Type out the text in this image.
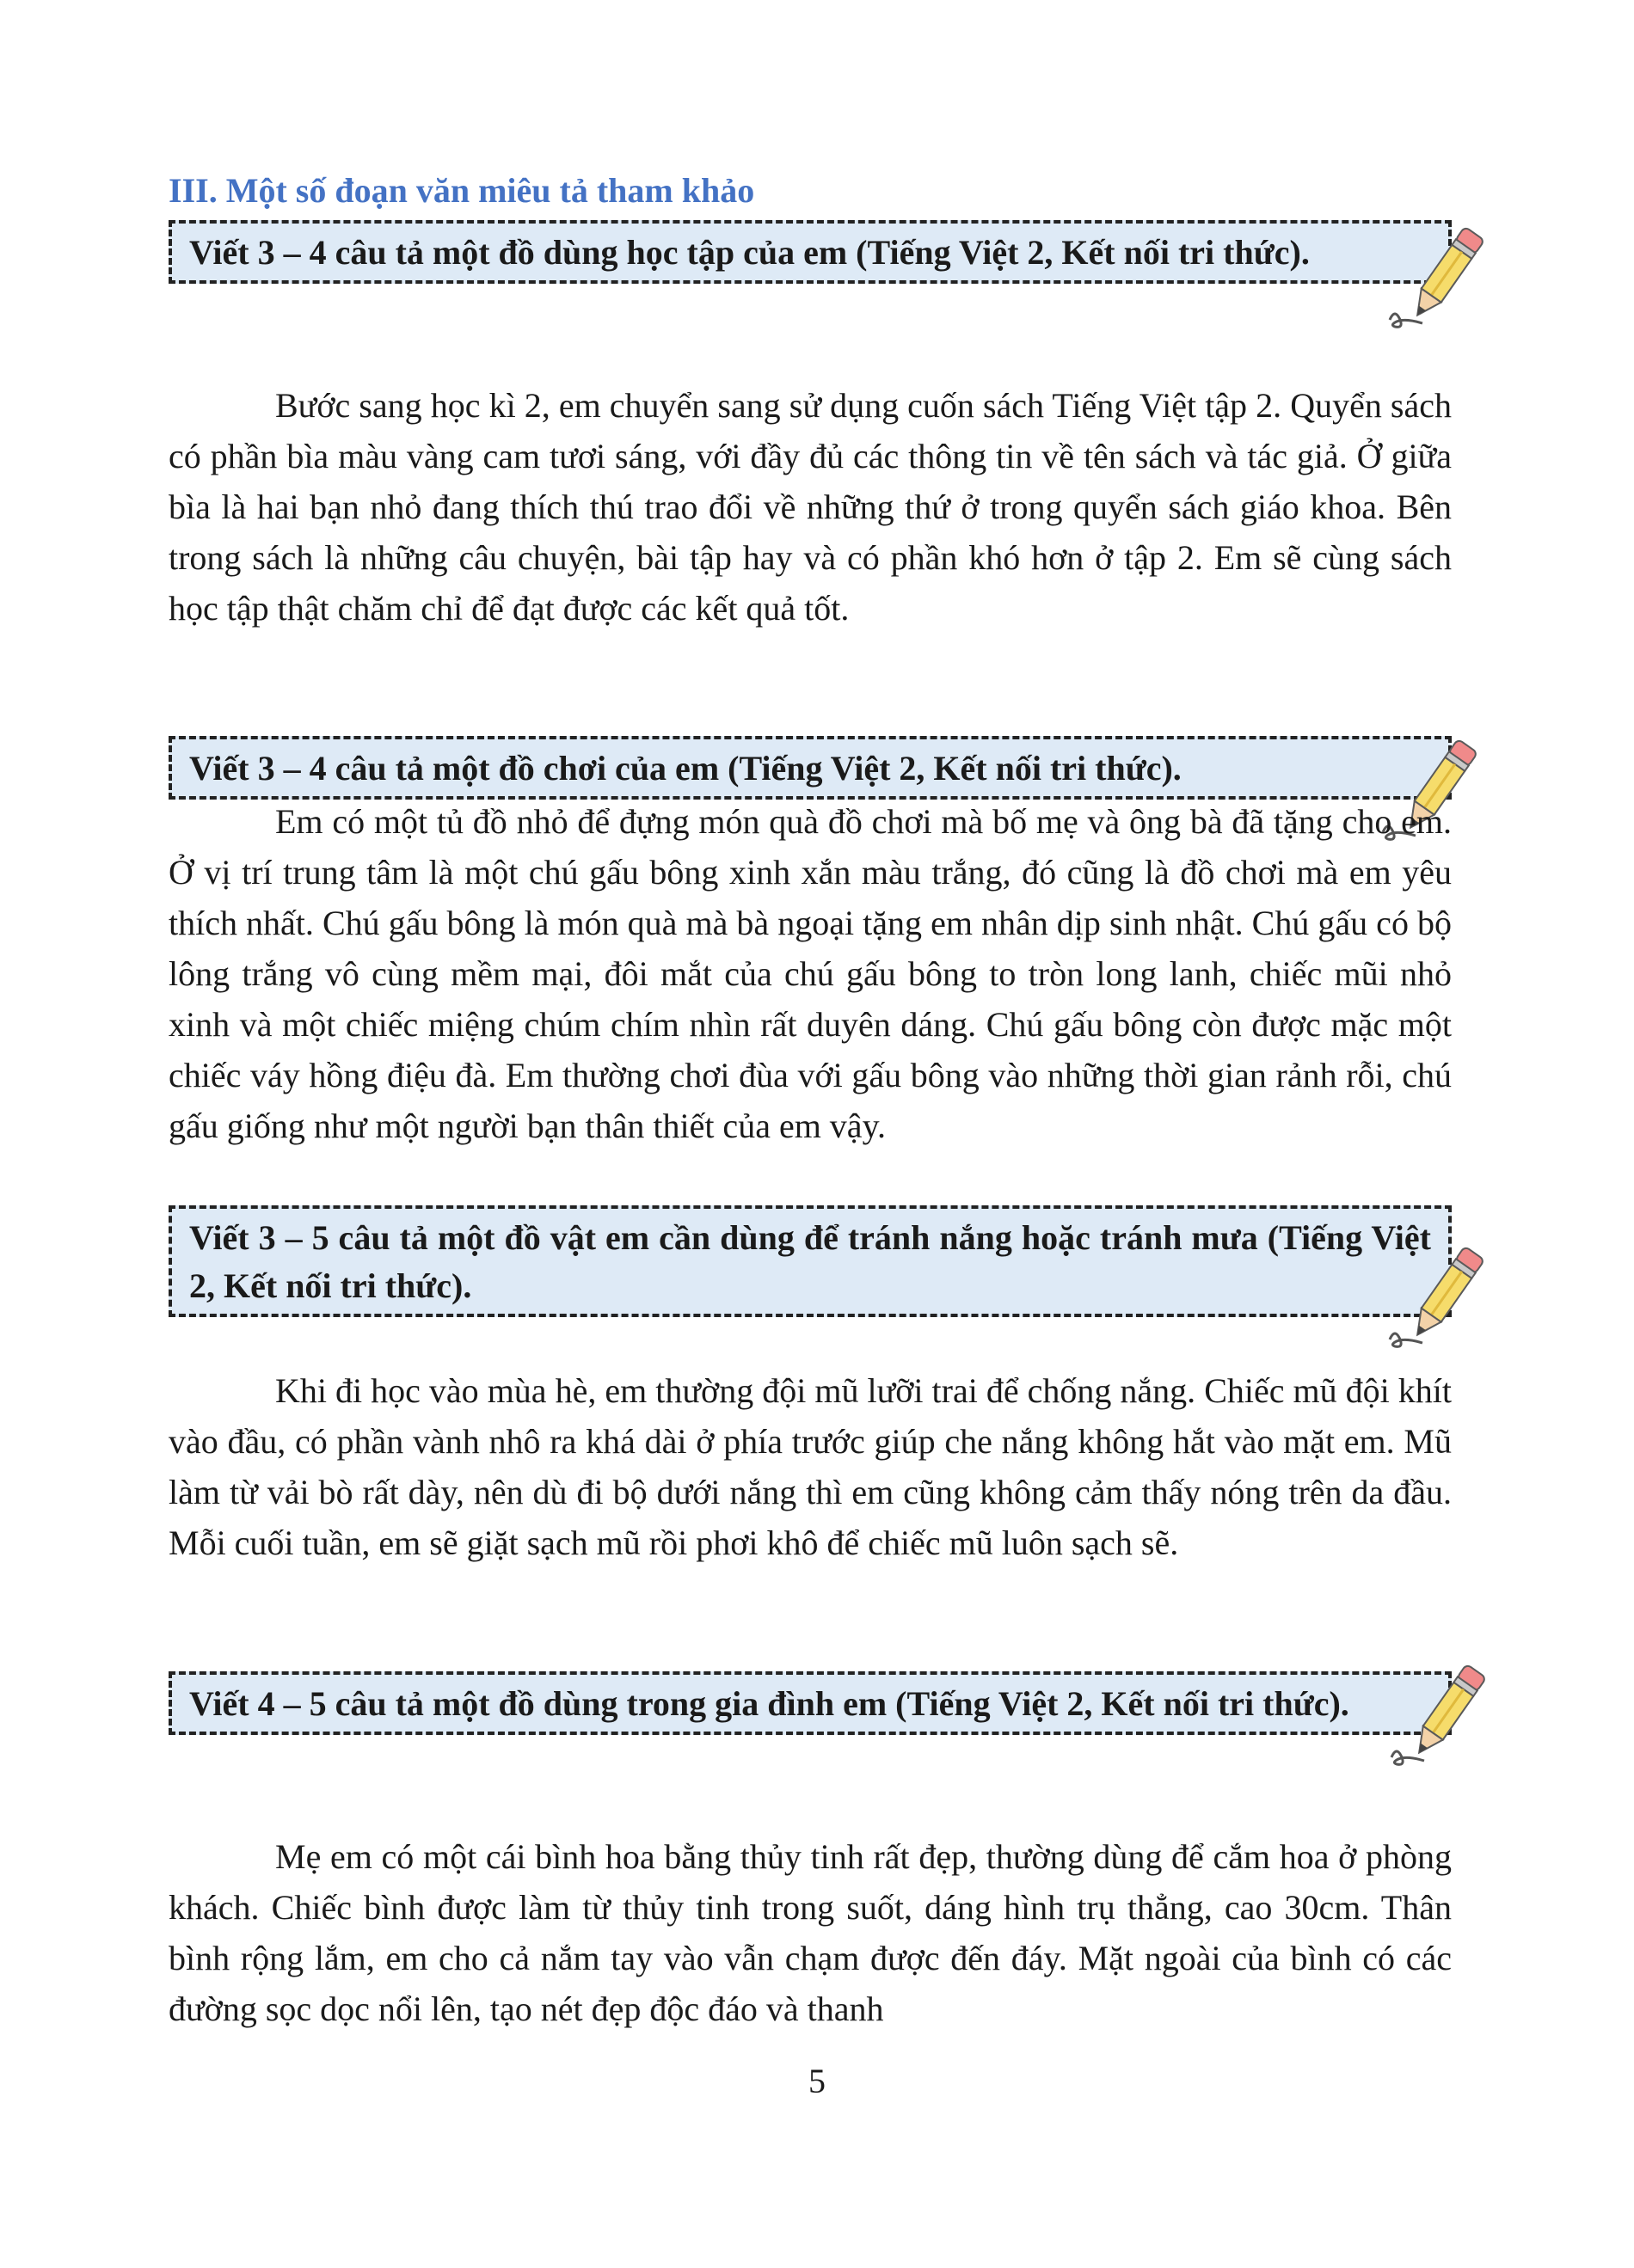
III. Một số đoạn văn miêu tả tham khảo
Viết 3 – 4 câu tả một đồ dùng học tập của em (Tiếng Việt 2, Kết nối tri thức).

Bước sang học kì 2, em chuyển sang sử dụng cuốn sách Tiếng Việt tập 2. Quyển sách có phần bìa màu vàng cam tươi sáng, với đầy đủ các thông tin về tên sách và tác giả. Ở giữa bìa là hai bạn nhỏ đang thích thú trao đổi về những thứ ở trong quyển sách giáo khoa. Bên trong sách là những câu chuyện, bài tập hay và có phần khó hơn ở tập 2. Em sẽ cùng sách học tập thật chăm chỉ để đạt được các kết quả tốt.

Viết 3 – 4 câu tả một đồ chơi của em (Tiếng Việt 2, Kết nối tri thức).

Em có một tủ đồ nhỏ để đựng món quà đồ chơi mà bố mẹ và ông bà đã tặng cho em. Ở vị trí trung tâm là một chú gấu bông xinh xắn màu trắng, đó cũng là đồ chơi mà em yêu thích nhất. Chú gấu bông là món quà mà bà ngoại tặng em nhân dịp sinh nhật. Chú gấu có bộ lông trắng vô cùng mềm mại, đôi mắt của chú gấu bông to tròn long lanh, chiếc mũi nhỏ xinh và một chiếc miệng chúm chím nhìn rất duyên dáng. Chú gấu bông còn được mặc một chiếc váy hồng điệu đà. Em thường chơi đùa với gấu bông vào những thời gian rảnh rỗi, chú gấu giống như một người bạn thân thiết của em vậy.

Viết 3 – 5 câu tả một đồ vật em cần dùng để tránh nắng hoặc tránh mưa (Tiếng Việt 2, Kết nối tri thức).

Khi đi học vào mùa hè, em thường đội mũ lưỡi trai để chống nắng. Chiếc mũ đội khít vào đầu, có phần vành nhô ra khá dài ở phía trước giúp che nắng không hắt vào mặt em. Mũ làm từ vải bò rất dày, nên dù đi bộ dưới nắng thì em cũng không cảm thấy nóng trên da đầu. Mỗi cuối tuần, em sẽ giặt sạch mũ rồi phơi khô để chiếc mũ luôn sạch sẽ.

Viết 4 – 5 câu tả một đồ dùng trong gia đình em (Tiếng Việt 2, Kết nối tri thức).

Mẹ em có một cái bình hoa bằng thủy tinh rất đẹp, thường dùng để cắm hoa ở phòng khách. Chiếc bình được làm từ thủy tinh trong suốt, dáng hình trụ thẳng, cao 30cm. Thân bình rộng lắm, em cho cả nắm tay vào vẫn chạm được đến đáy. Mặt ngoài của bình có các đường sọc dọc nổi lên, tạo nét đẹp độc đáo và thanh

5
